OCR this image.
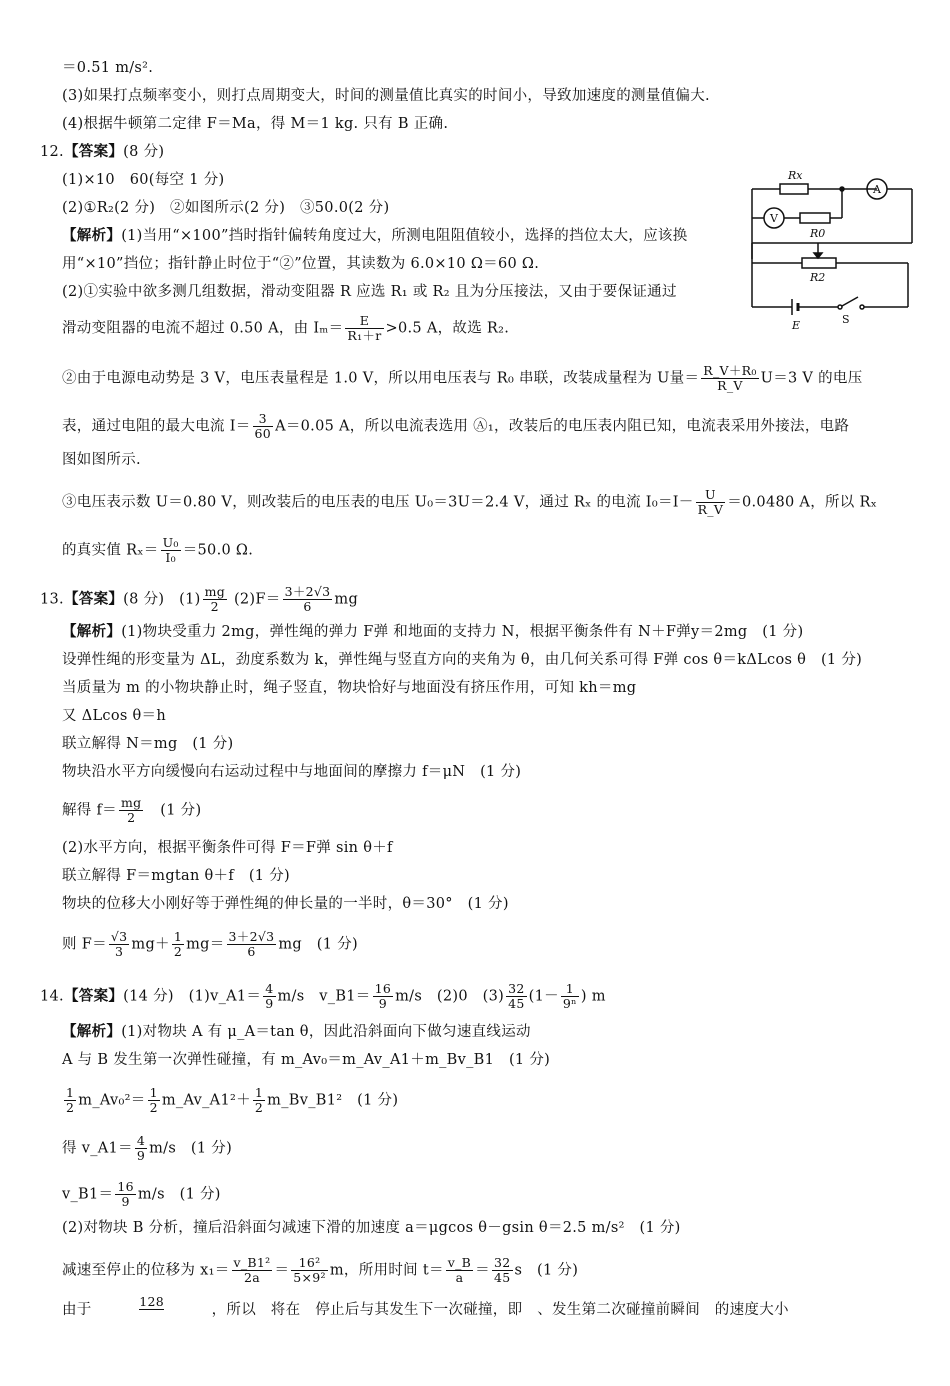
＝0.51 m/s².
(3)如果打点频率变小，则打点周期变大，时间的测量值比真实的时间小，导致加速度的测量值偏大.
(4)根据牛顿第二定律 F＝Ma，得 M＝1 kg. 只有 B 正确.
12.【答案】(8 分)
(1)×10　60(每空 1 分)
(2)①R₂(2 分)　②如图所示(2 分)　③50.0(2 分)
【解析】(1)当用“×100”挡时指针偏转角度过大，所测电阻阻值较小，选择的挡位太大，应该换
用“×10”挡位；指针静止时位于“②”位置，其读数为 6.0×10 Ω＝60 Ω.
(2)①实验中欲多测几组数据，滑动变阻器 R 应选 R₁ 或 R₂ 且为分压接法，又由于要保证通过
滑动变阻器的电流不超过 0.50 A，由 $I_m= \frac{E}{\text{R₁＋r}} >0.5$ A，故选 R₂.
②由于电源电动势是 3 V，电压表量程是 1.0 V，所以用电压表与 R₀ 串联，改装成量程为 U量＝ $\frac{\text{R\_V＋R₀}}{R\_V} U=3$ V 的电压
表，通过电阻的最大电流 $I= \frac{3}{60} A=0.05$ A，所以电流表选用 Ⓐ₁，改装后的电压表内阻已知，电流表采用外接法，电路
图如图所示.
③电压表示数 U＝0.80 V，则改装后的电压表的电压 U₀＝3U＝2.4 V，通过 Rₓ 的电流 $I_0=I- \frac{U}{R\_V} =0.0480$ A，所以 Rₓ
的真实值 $R_x= \frac{\text{U₀}}{\text{I₀}} =50.0$ Ω.
13.【答案】(8 分)　$(1) \frac{mg}{2} (2)F= \frac{3+2√3}{6}$ mg
【解析】(1)物块受重力 2mg，弹性绳的弹力 F弹 和地面的支持力 N，根据平衡条件有 N＋F弹y＝2mg　(1 分)
设弹性绳的形变量为 ΔL，劲度系数为 k，弹性绳与竖直方向的夹角为 θ，由几何关系可得 F弹 cos θ＝kΔLcos θ　(1 分)
当质量为 m 的小物块静止时，绳子竖直，物块恰好与地面没有挤压作用，可知 kh＝mg
又 ΔLcos θ＝h
联立解得 N＝mg　(1 分)
物块沿水平方向缓慢向右运动过程中与地面间的摩擦力 f＝μN　(1 分)
解得 $f= \frac{mg}{2}$
　 (1 分)
(2)水平方向，根据平衡条件可得 F＝F弹 sin θ＋f
联立解得 F＝mgtan θ＋f　(1 分)
物块的位移大小刚好等于弹性绳的伸长量的一半时，θ＝30°　(1 分)
则 $F= \frac{√3}{3} mg+ \frac{1}{2} mg= \frac{3+2√3}{6}$ mg　(1 分)
14.【答案】(14 分)　(1)v_A1＝ $\frac{4}{9} m/s$　v_B1＝ $\frac{16}{9} m/s$　(2)0　$(3) \frac{32}{45} (1- \frac{1}{\text{9ⁿ}}$ ) m
【解析】(1)对物块 A 有 μ_A＝tan θ，因此沿斜面向下做匀速直线运动
A 与 B 发生第一次弹性碰撞，有 m_Av₀＝m_Av_A1＋m_Bv_B1　(1 分)
$\frac{1}{2}$ m_Av₀²＝ $\frac{1}{2}$ m_Av_A1²＋ $\frac{1}{2}$ m_Bv_B1²　(1 分)
得 v_A1＝ $\frac{4}{9} m/s$　(1 分)
v_B1＝ $\frac{16}{9} m/s$　(1 分)
(2)对物块 B 分析，撞后沿斜面匀减速下滑的加速度 a＝μgcos θ－gsin θ＝2.5 m/s²　(1 分)
减速至停止的位移为 $x_1= \frac{\text{v\_B1²}}{2a} = \frac{\text{16²}}{\text{5×9²}}$ m，所用时间 $t= \frac{v\_B}{a} = \frac{32}{45}$ s　(1 分)
由于128，所以　将在　停止后与其发生下一次碰撞，即　、发生第二次碰撞前瞬间　的速度大小
Rx
R0
R2
A
V
E	S
